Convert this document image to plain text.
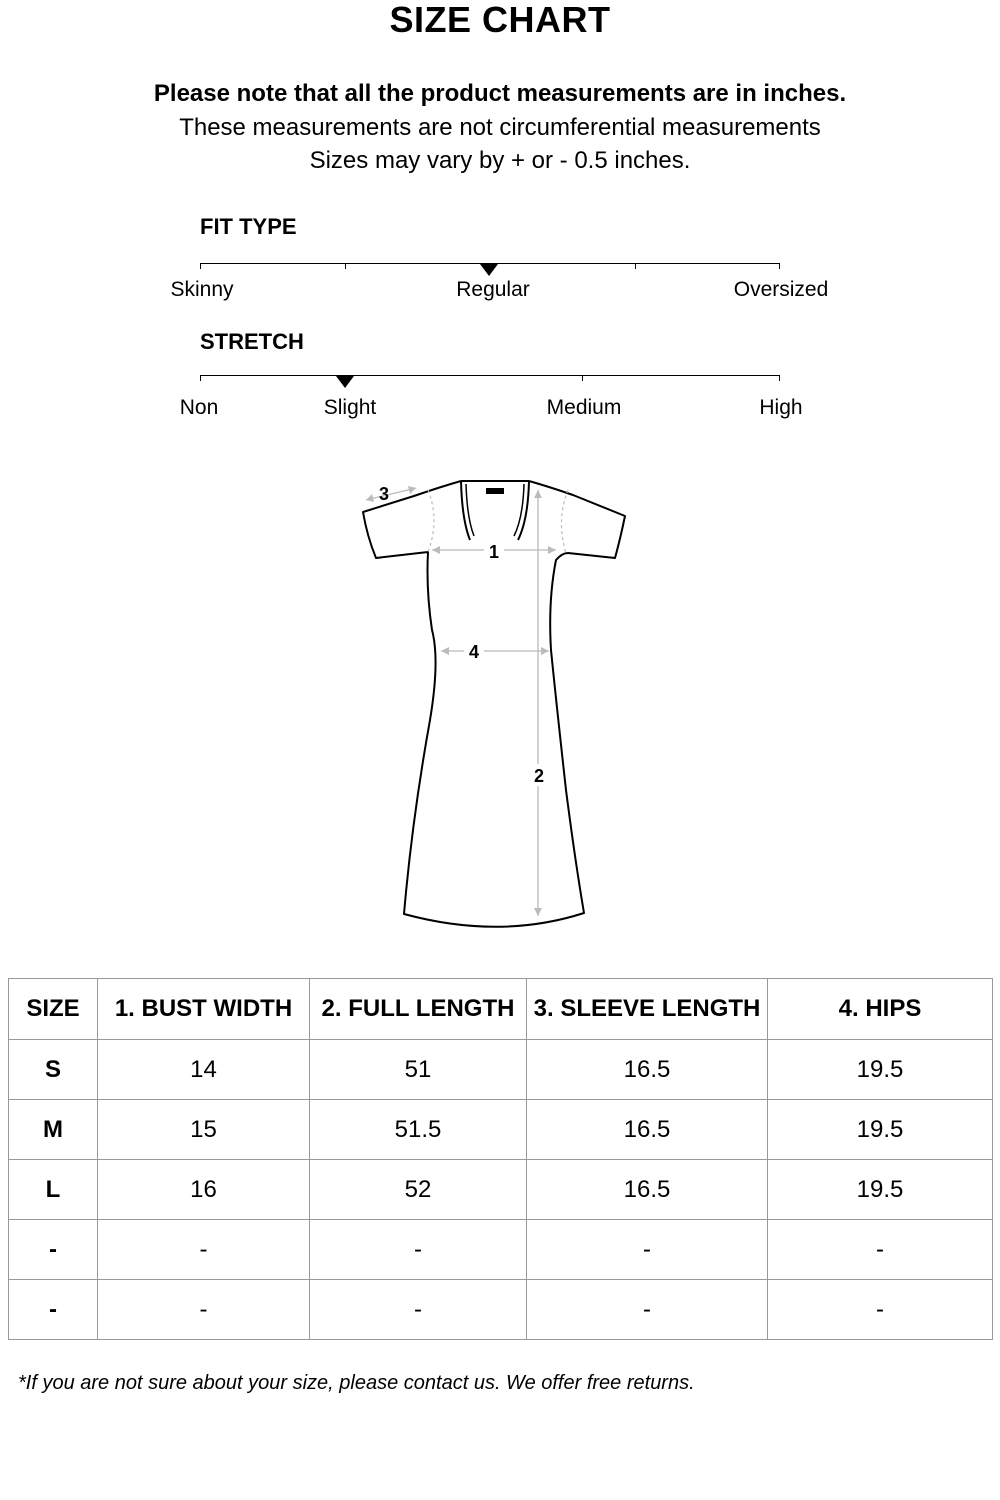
SIZE CHART
Please note that all the product measurements are in inches.
These measurements are not circumferential measurements
Sizes may vary by + or - 0.5 inches.
FIT TYPE
Skinny	Regular	Oversized
STRETCH
Non	Slight	Medium	High
1
2
3
4
SIZE	1. BUST WIDTH	2. FULL LENGTH	3. SLEEVE LENGTH	4. HIPS
S	14	51	16.5	19.5
M	15	51.5	16.5	19.5
L	16	52	16.5	19.5
-	-	-	-	-
-	-	-	-	-
*If you are not sure about your size, please contact us. We offer free returns.
